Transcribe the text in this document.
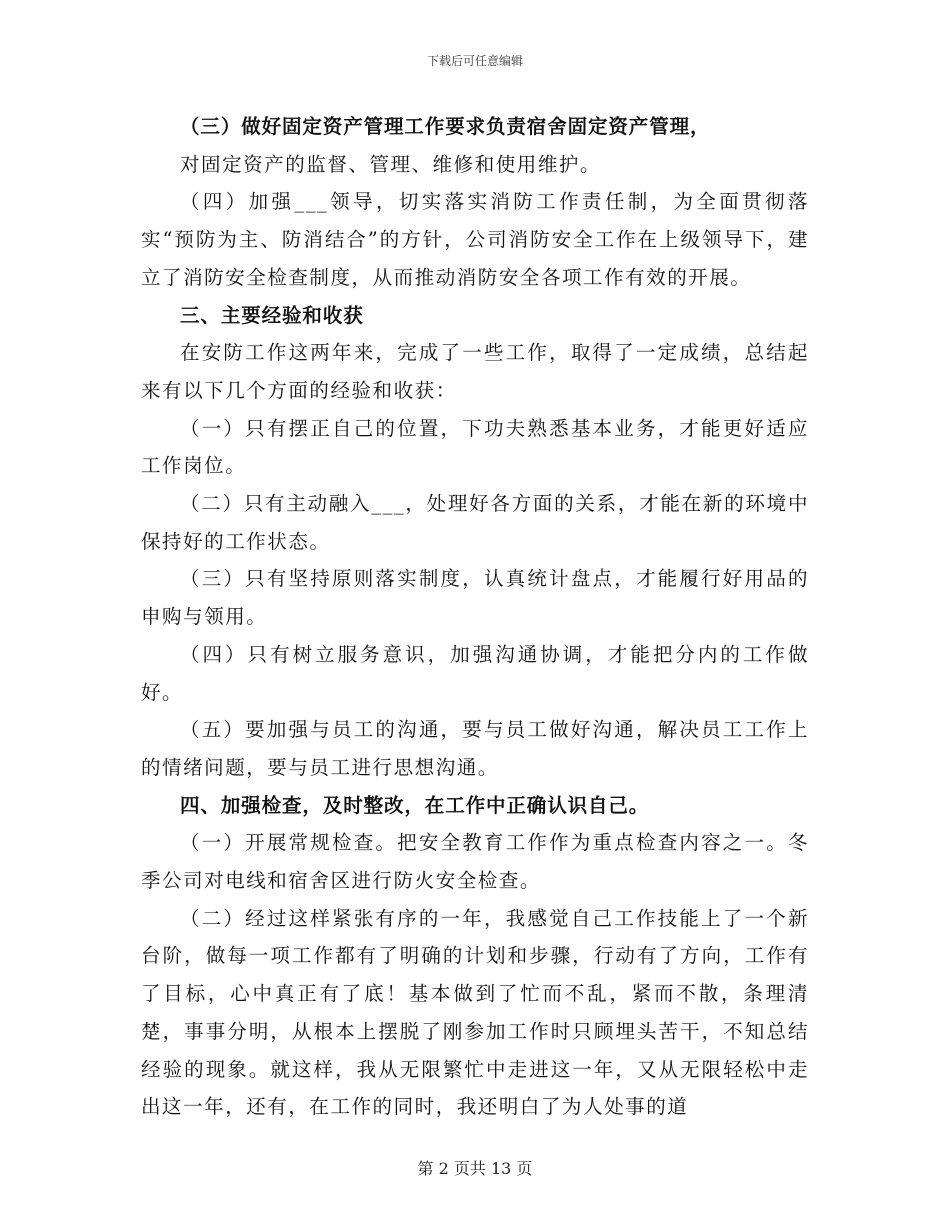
下载后可任意编辑

（三）做好固定资产管理工作要求负责宿舍固定资产管理，

对固定资产的监督、管理、维修和使用维护。

（四）加强___领导，切实落实消防工作责任制，为全面贯彻落实“预防为主、防消结合”的方针，公司消防安全工作在上级领导下，建立了消防安全检查制度，从而推动消防安全各项工作有效的开展。

三、主要经验和收获

在安防工作这两年来，完成了一些工作，取得了一定成绩，总结起来有以下几个方面的经验和收获：

（一）只有摆正自己的位置，下功夫熟悉基本业务，才能更好适应工作岗位。

（二）只有主动融入___，处理好各方面的关系，才能在新的环境中保持好的工作状态。

（三）只有坚持原则落实制度，认真统计盘点，才能履行好用品的申购与领用。

（四）只有树立服务意识，加强沟通协调，才能把分内的工作做好。

（五）要加强与员工的沟通，要与员工做好沟通，解决员工工作上的情绪问题，要与员工进行思想沟通。

四、加强检查，及时整改，在工作中正确认识自己。

（一）开展常规检查。把安全教育工作作为重点检查内容之一。冬季公司对电线和宿舍区进行防火安全检查。

（二）经过这样紧张有序的一年，我感觉自己工作技能上了一个新台阶，做每一项工作都有了明确的计划和步骤，行动有了方向，工作有了目标，心中真正有了底！基本做到了忙而不乱，紧而不散，条理清楚，事事分明，从根本上摆脱了刚参加工作时只顾埋头苦干，不知总结经验的现象。就这样，我从无限繁忙中走进这一年，又从无限轻松中走出这一年，还有，在工作的同时，我还明白了为人处事的道

第 2 页共 13 页
